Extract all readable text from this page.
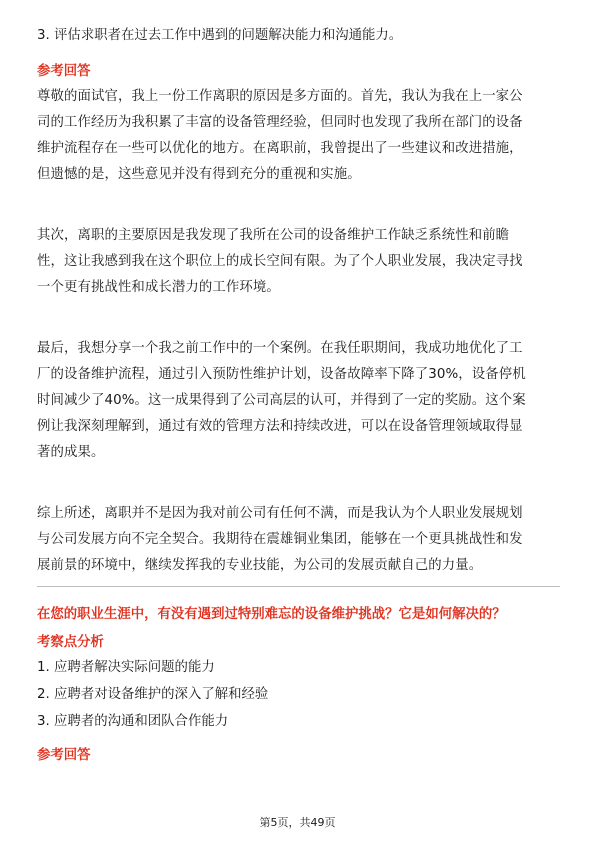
3. 评估求职者在过去工作中遇到的问题解决能力和沟通能力。
参考回答
尊敬的面试官，我上一份工作离职的原因是多方面的。首先，我认为我在上一家公
司的工作经历为我积累了丰富的设备管理经验，但同时也发现了我所在部门的设备
维护流程存在一些可以优化的地方。在离职前，我曾提出了一些建议和改进措施，
但遗憾的是，这些意见并没有得到充分的重视和实施。
其次，离职的主要原因是我发现了我所在公司的设备维护工作缺乏系统性和前瞻
性，这让我感到我在这个职位上的成长空间有限。为了个人职业发展，我决定寻找
一个更有挑战性和成长潜力的工作环境。
最后，我想分享一个我之前工作中的一个案例。在我任职期间，我成功地优化了工
厂的设备维护流程，通过引入预防性维护计划，设备故障率下降了30%，设备停机
时间减少了40%。这一成果得到了公司高层的认可，并得到了一定的奖励。这个案
例让我深刻理解到，通过有效的管理方法和持续改进，可以在设备管理领域取得显
著的成果。
综上所述，离职并不是因为我对前公司有任何不满，而是我认为个人职业发展规划
与公司发展方向不完全契合。我期待在震雄铜业集团，能够在一个更具挑战性和发
展前景的环境中，继续发挥我的专业技能，为公司的发展贡献自己的力量。
在您的职业生涯中，有没有遇到过特别难忘的设备维护挑战？它是如何解决的？
考察点分析
1. 应聘者解决实际问题的能力
2. 应聘者对设备维护的深入了解和经验
3. 应聘者的沟通和团队合作能力
参考回答
第5页，共49页
